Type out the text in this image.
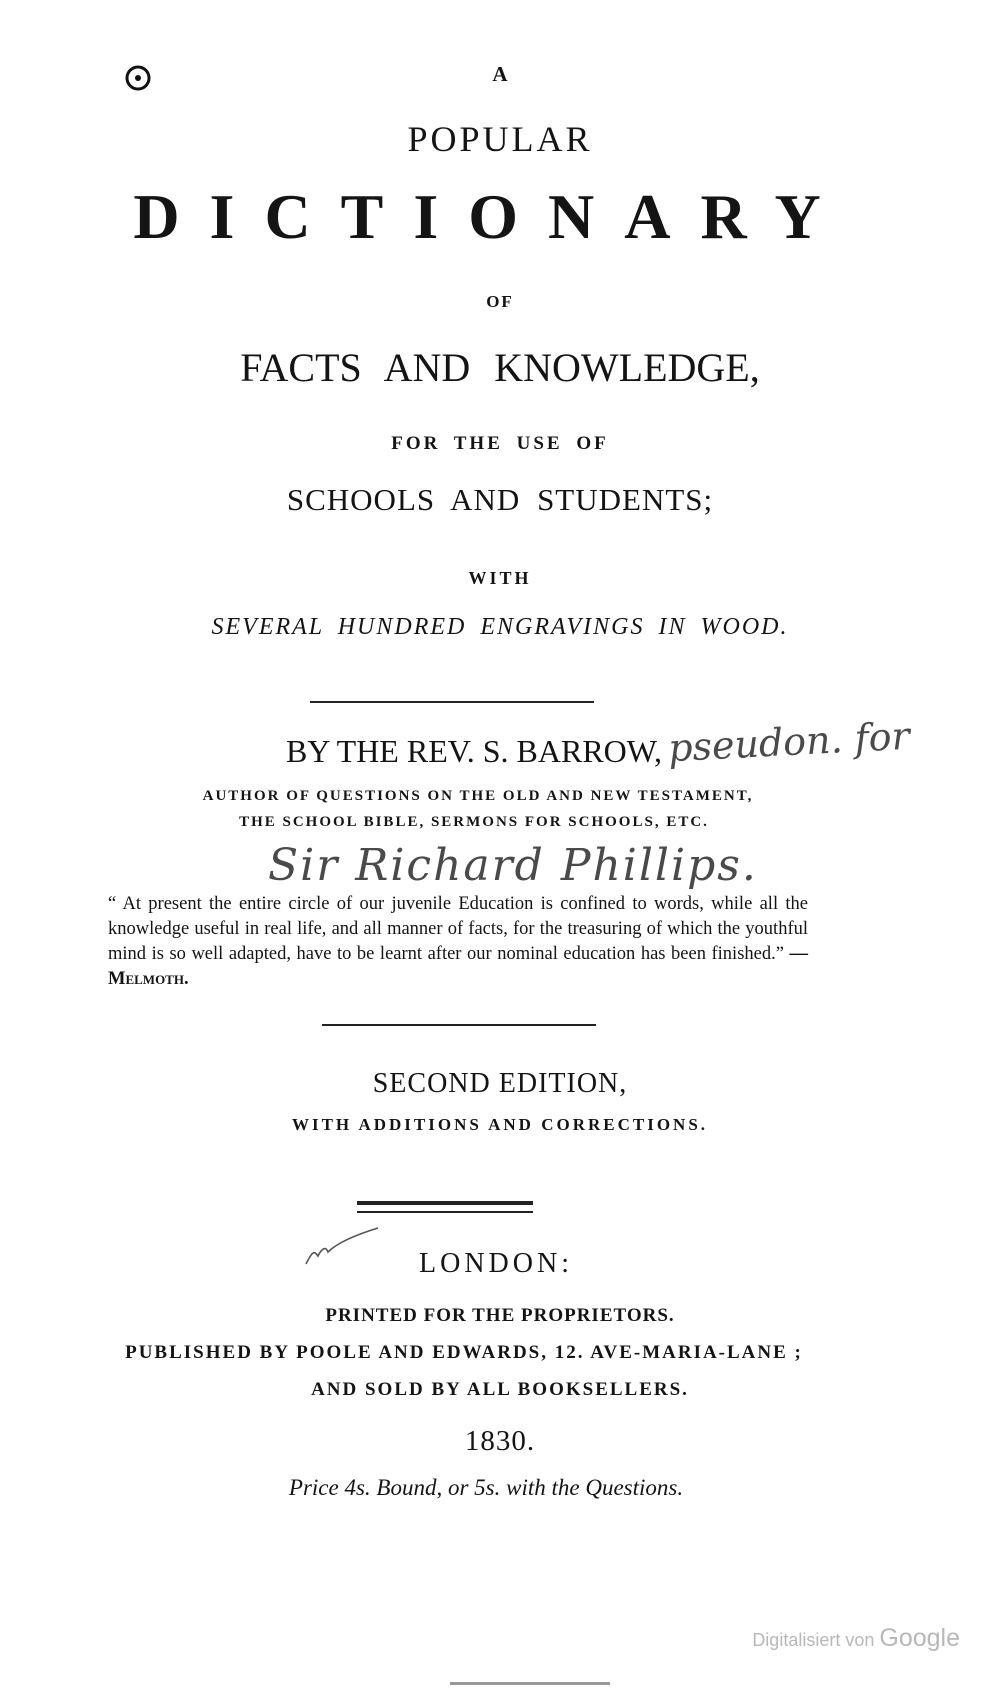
A
POPULAR
DICTIONARY
OF
FACTS AND KNOWLEDGE,
FOR THE USE OF
SCHOOLS AND STUDENTS;
WITH
SEVERAL HUNDRED ENGRAVINGS IN WOOD.
BY THE REV. S. BARROW, pseudon. for
AUTHOR OF QUESTIONS ON THE OLD AND NEW TESTAMENT,
THE SCHOOL BIBLE, SERMONS FOR SCHOOLS, ETC.
Sir Richard Phillips.
“ At present the entire circle of our juvenile Education is confined to words, while all the knowledge useful in real life, and all manner of facts, for the treasuring of which the youthful mind is so well adapted, have to be learnt after our nominal education has been finished.” — Melmoth.
SECOND EDITION,
WITH ADDITIONS AND CORRECTIONS.
LONDON:
PRINTED FOR THE PROPRIETORS.
PUBLISHED BY POOLE AND EDWARDS, 12. AVE-MARIA-LANE ;
AND SOLD BY ALL BOOKSELLERS.
1830.
Price 4s. Bound, or 5s. with the Questions.
Digitalisiert von Google
